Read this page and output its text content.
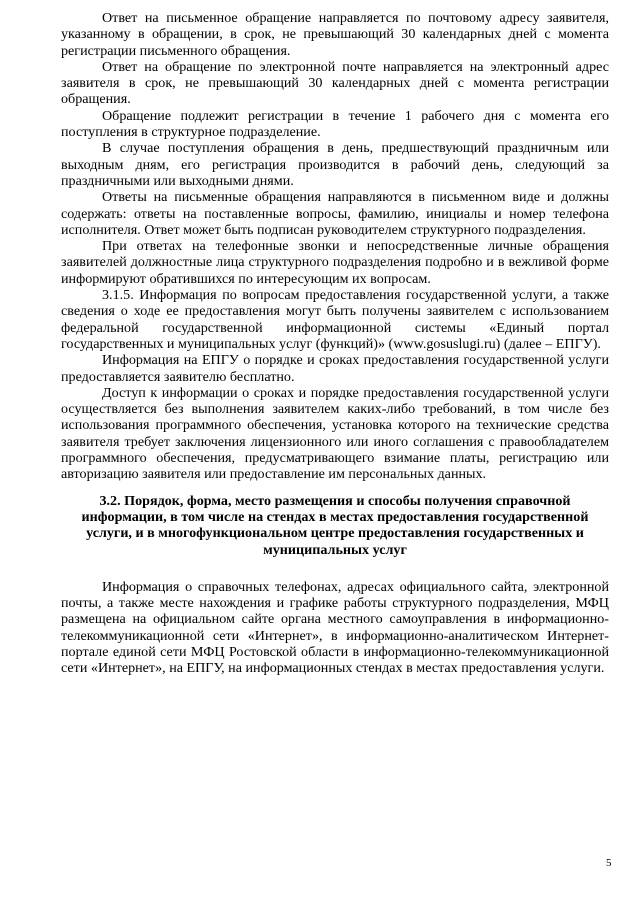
Ответ на письменное обращение направляется по почтовому адресу заявителя, указанному в обращении, в срок, не превышающий 30 календарных дней с момента регистрации письменного обращения.

Ответ на обращение по электронной почте направляется на электронный адрес заявителя в срок, не превышающий 30 календарных дней с момента регистрации обращения.

Обращение подлежит регистрации в течение 1 рабочего дня с момента его поступления в структурное подразделение.

В случае поступления обращения в день, предшествующий праздничным или выходным дням, его регистрация производится в рабочий день, следующий за праздничными или выходными днями.

Ответы на письменные обращения направляются в письменном виде и должны содержать: ответы на поставленные вопросы, фамилию, инициалы и номер телефона исполнителя. Ответ может быть подписан руководителем структурного подразделения.

При ответах на телефонные звонки и непосредственные личные обращения заявителей должностные лица структурного подразделения подробно и в вежливой форме информируют обратившихся по интересующим их вопросам.

3.1.5. Информация по вопросам предоставления государственной услуги, а также сведения о ходе ее предоставления могут быть получены заявителем с использованием федеральной государственной информационной системы «Единый портал государственных и муниципальных услуг (функций)» (www.gosuslugi.ru) (далее – ЕПГУ).

Информация на ЕПГУ о порядке и сроках предоставления государственной услуги предоставляется заявителю бесплатно.

Доступ к информации о сроках и порядке предоставления государственной услуги осуществляется без выполнения заявителем каких-либо требований, в том числе без использования программного обеспечения, установка которого на технические средства заявителя требует заключения лицензионного или иного соглашения с правообладателем программного обеспечения, предусматривающего взимание платы, регистрацию или авторизацию заявителя или предоставление им персональных данных.

3.2. Порядок, форма, место размещения и способы получения справочной информации, в том числе на стендах в местах предоставления государственной услуги, и в многофункциональном центре предоставления государственных и муниципальных услуг

Информация о справочных телефонах, адресах официального сайта, электронной почты, а также месте нахождения и графике работы структурного подразделения, МФЦ размещена на официальном сайте органа местного самоуправления в информационно-телекоммуникационной сети «Интернет», в информационно-аналитическом Интернет-портале единой сети МФЦ Ростовской области в информационно-телекоммуникационной сети «Интернет», на ЕПГУ, на информационных стендах в местах предоставления услуги.

5
